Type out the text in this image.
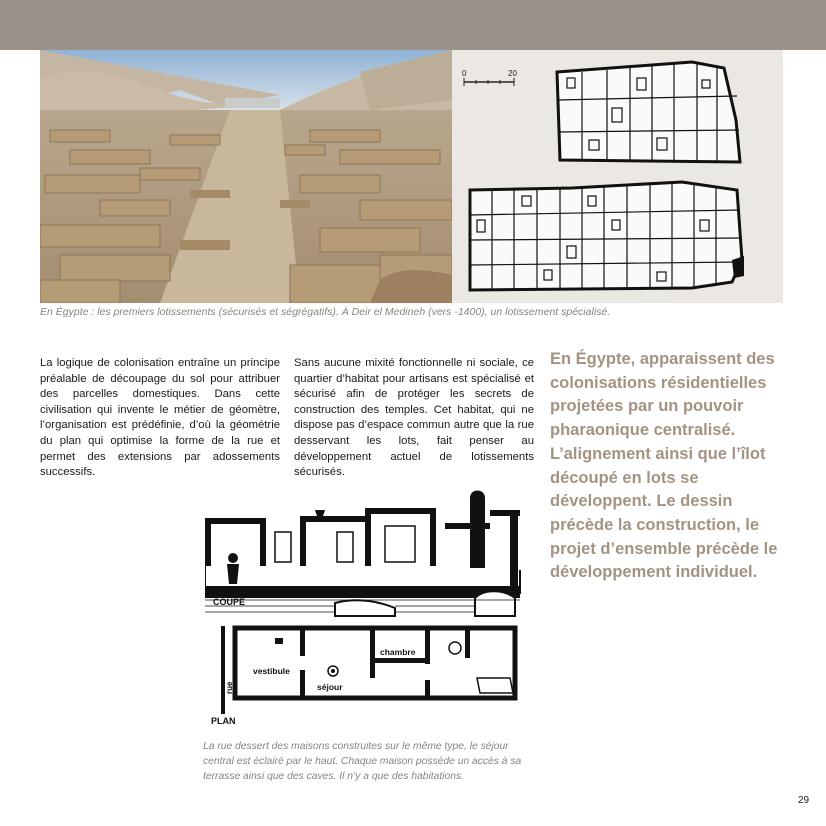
0	20
En Égypte : les premiers lotissements (sécurisés et ségrégatifs). À Deir el Medineh (vers -1400), un lotissement spécialisé.

La logique de colonisation entraîne un principe préalable de découpage du sol pour attribuer des parcelles domestiques. Dans cette civilisation qui invente le métier de géomètre, l’organisation est prédéfinie, d’où la géométrie du plan qui optimise la forme de la rue et permet des extensions par adossements successifs.

Sans aucune mixité fonctionnelle ni sociale, ce quartier d’habitat pour artisans est spécialisé et sécurisé afin de protéger les secrets de construction des temples. Cet habitat, qui ne dispose pas d’espace commun autre que la rue desservant les lots, fait penser au développement actuel de lotissements sécurisés.

En Égypte, apparaissent des colonisations résidentielles projetées par un pouvoir pharaonique centralisé. L’alignement ainsi que l’îlot découpé en lots se développent. Le dessin précède la construction, le projet d’ensemble précède le développement individuel.
COUPE
vestibule
séjour
chambre
rue
PLAN
La rue dessert des maisons construites sur le même type, le séjour central est éclairé par le haut. Chaque maison possède un accès à sa terrasse ainsi que des caves. Il n’y a que des habitations.
29
